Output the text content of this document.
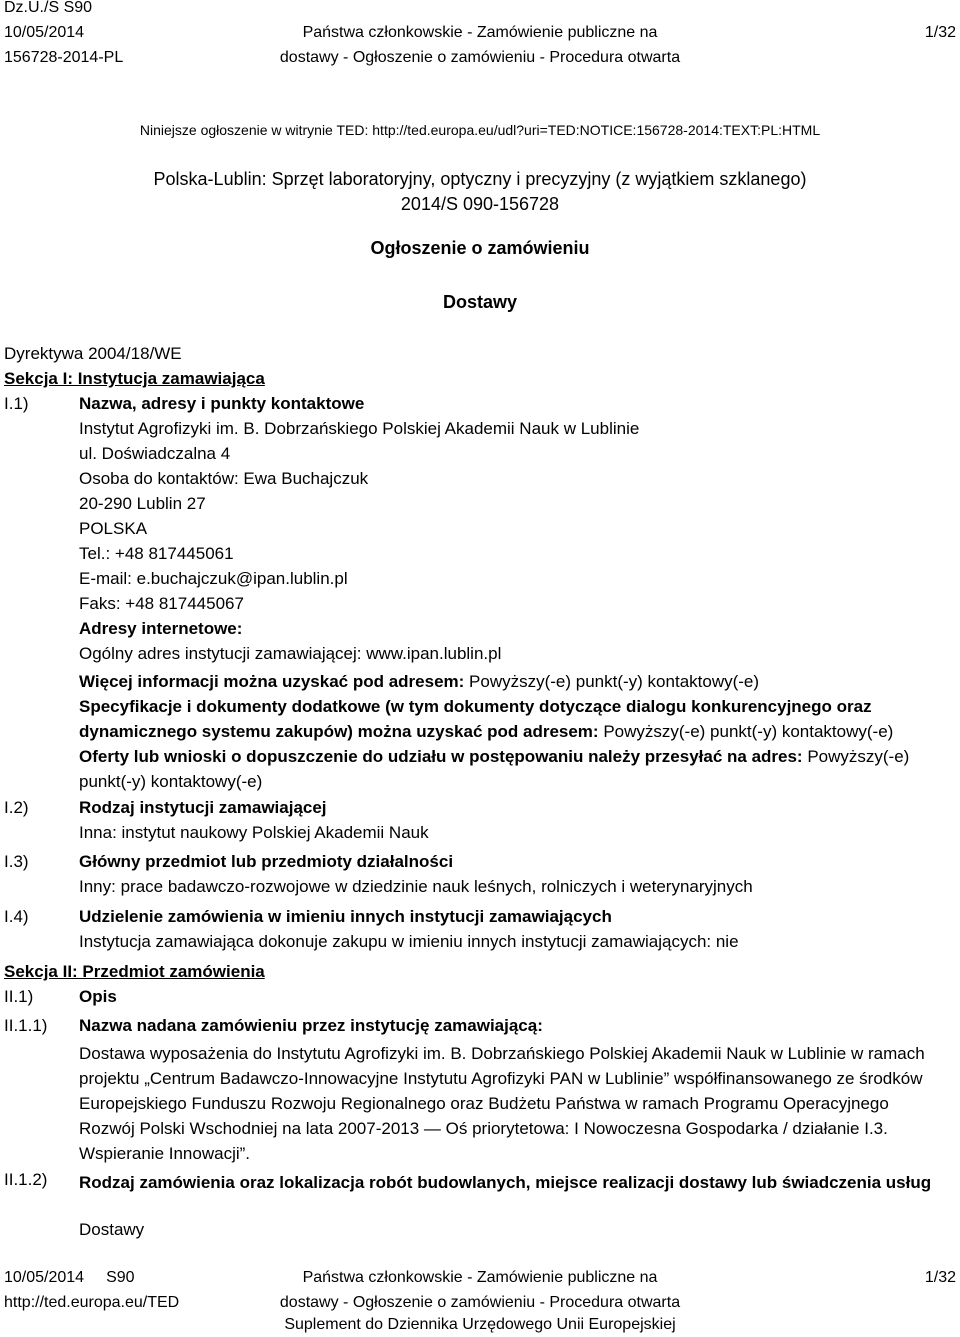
Dz.U./S S90
10/05/2014
156728-2014-PL
Państwa członkowskie - Zamówienie publiczne na
dostawy - Ogłoszenie o zamówieniu - Procedura otwarta
1/32
Niniejsze ogłoszenie w witrynie TED: http://ted.europa.eu/udl?uri=TED:NOTICE:156728-2014:TEXT:PL:HTML
Polska-Lublin: Sprzęt laboratoryjny, optyczny i precyzyjny (z wyjątkiem szklanego)
2014/S 090-156728
Ogłoszenie o zamówieniu
Dostawy
Dyrektywa 2004/18/WE
Sekcja I: Instytucja zamawiająca
I.1)	Nazwa, adresy i punkty kontaktowe
Instytut Agrofizyki im. B. Dobrzańskiego Polskiej Akademii Nauk w Lublinie
ul. Doświadczalna 4
Osoba do kontaktów: Ewa Buchajczuk
20-290 Lublin 27
POLSKA
Tel.: +48 817445061
E-mail: e.buchajczuk@ipan.lublin.pl
Faks: +48 817445067
Adresy internetowe:
Ogólny adres instytucji zamawiającej: www.ipan.lublin.pl
Więcej informacji można uzyskać pod adresem: Powyższy(-e) punkt(-y) kontaktowy(-e)
Specyfikacje i dokumenty dodatkowe (w tym dokumenty dotyczące dialogu konkurencyjnego oraz dynamicznego systemu zakupów) można uzyskać pod adresem: Powyższy(-e) punkt(-y) kontaktowy(-e)
Oferty lub wnioski o dopuszczenie do udziału w postępowaniu należy przesyłać na adres: Powyższy(-e) punkt(-y) kontaktowy(-e)
I.2)	Rodzaj instytucji zamawiającej
Inna: instytut naukowy Polskiej Akademii Nauk
I.3)	Główny przedmiot lub przedmioty działalności
Inny: prace badawczo-rozwojowe w dziedzinie nauk leśnych, rolniczych i weterynaryjnych
I.4)	Udzielenie zamówienia w imieniu innych instytucji zamawiających
Instytucja zamawiająca dokonuje zakupu w imieniu innych instytucji zamawiających: nie
Sekcja II: Przedmiot zamówienia
II.1)	Opis
II.1.1) Nazwa nadana zamówieniu przez instytucję zamawiającą:
Dostawa wyposażenia do Instytutu Agrofizyki im. B. Dobrzańskiego Polskiej Akademii Nauk w Lublinie w ramach projektu „Centrum Badawczo-Innowacyjne Instytutu Agrofizyki PAN w Lublinie” współfinansowanego ze środków Europejskiego Funduszu Rozwoju Regionalnego oraz Budżetu Państwa w ramach Programu Operacyjnego Rozwój Polski Wschodniej na lata 2007-2013 — Oś priorytetowa: I Nowoczesna Gospodarka / działanie I.3. Wspieranie Innowacji”.
II.1.2) Rodzaj zamówienia oraz lokalizacja robót budowlanych, miejsce realizacji dostawy lub świadczenia usług
Dostawy
10/05/2014 S90
http://ted.europa.eu/TED
Państwa członkowskie - Zamówienie publiczne na
dostawy - Ogłoszenie o zamówieniu - Procedura otwarta
Suplement do Dziennika Urzędowego Unii Europejskiej
1/32
